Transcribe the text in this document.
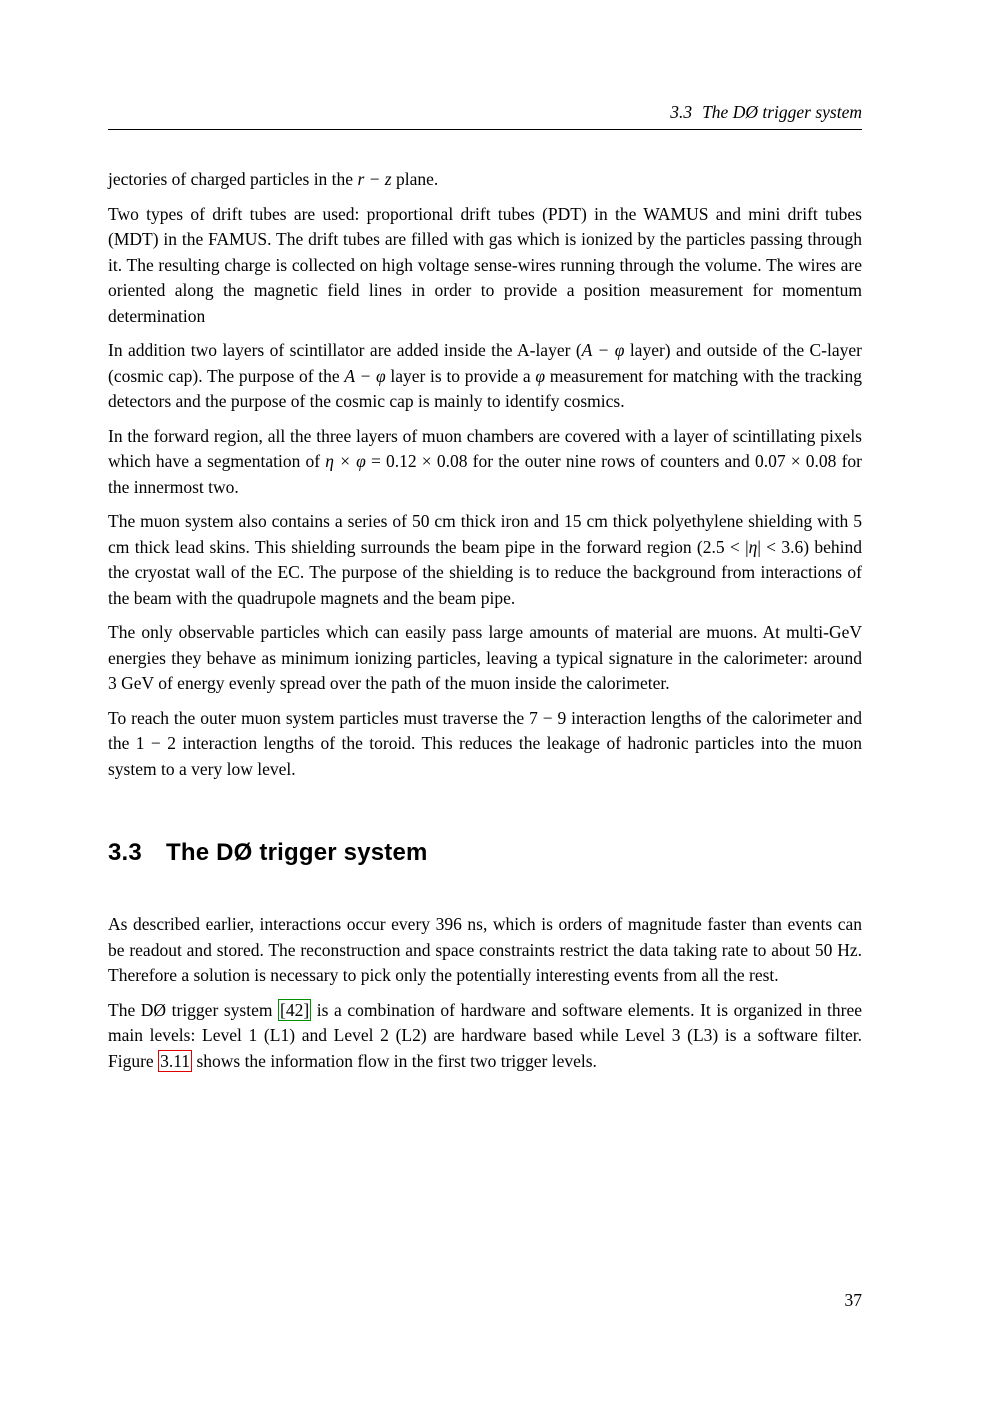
3.3 The DØ trigger system

jectories of charged particles in the r − z plane.

Two types of drift tubes are used: proportional drift tubes (PDT) in the WAMUS and mini drift tubes (MDT) in the FAMUS. The drift tubes are filled with gas which is ionized by the particles passing through it. The resulting charge is collected on high voltage sense-wires running through the volume. The wires are oriented along the magnetic field lines in order to provide a position measurement for momentum determination

In addition two layers of scintillator are added inside the A-layer (A − φ layer) and outside of the C-layer (cosmic cap). The purpose of the A − φ layer is to provide a φ measurement for matching with the tracking detectors and the purpose of the cosmic cap is mainly to identify cosmics.

In the forward region, all the three layers of muon chambers are covered with a layer of scintillating pixels which have a segmentation of η × φ = 0.12 × 0.08 for the outer nine rows of counters and 0.07 × 0.08 for the innermost two.

The muon system also contains a series of 50 cm thick iron and 15 cm thick polyethylene shielding with 5 cm thick lead skins. This shielding surrounds the beam pipe in the forward region (2.5 < |η| < 3.6) behind the cryostat wall of the EC. The purpose of the shielding is to reduce the background from interactions of the beam with the quadrupole magnets and the beam pipe.

The only observable particles which can easily pass large amounts of material are muons. At multi-GeV energies they behave as minimum ionizing particles, leaving a typical signature in the calorimeter: around 3 GeV of energy evenly spread over the path of the muon inside the calorimeter.

To reach the outer muon system particles must traverse the 7 − 9 interaction lengths of the calorimeter and the 1 − 2 interaction lengths of the toroid. This reduces the leakage of hadronic particles into the muon system to a very low level.

3.3 The DØ trigger system

As described earlier, interactions occur every 396 ns, which is orders of magnitude faster than events can be readout and stored. The reconstruction and space constraints restrict the data taking rate to about 50 Hz. Therefore a solution is necessary to pick only the potentially interesting events from all the rest.

The DØ trigger system [42] is a combination of hardware and software elements. It is organized in three main levels: Level 1 (L1) and Level 2 (L2) are hardware based while Level 3 (L3) is a software filter. Figure 3.11 shows the information flow in the first two trigger levels.

37
